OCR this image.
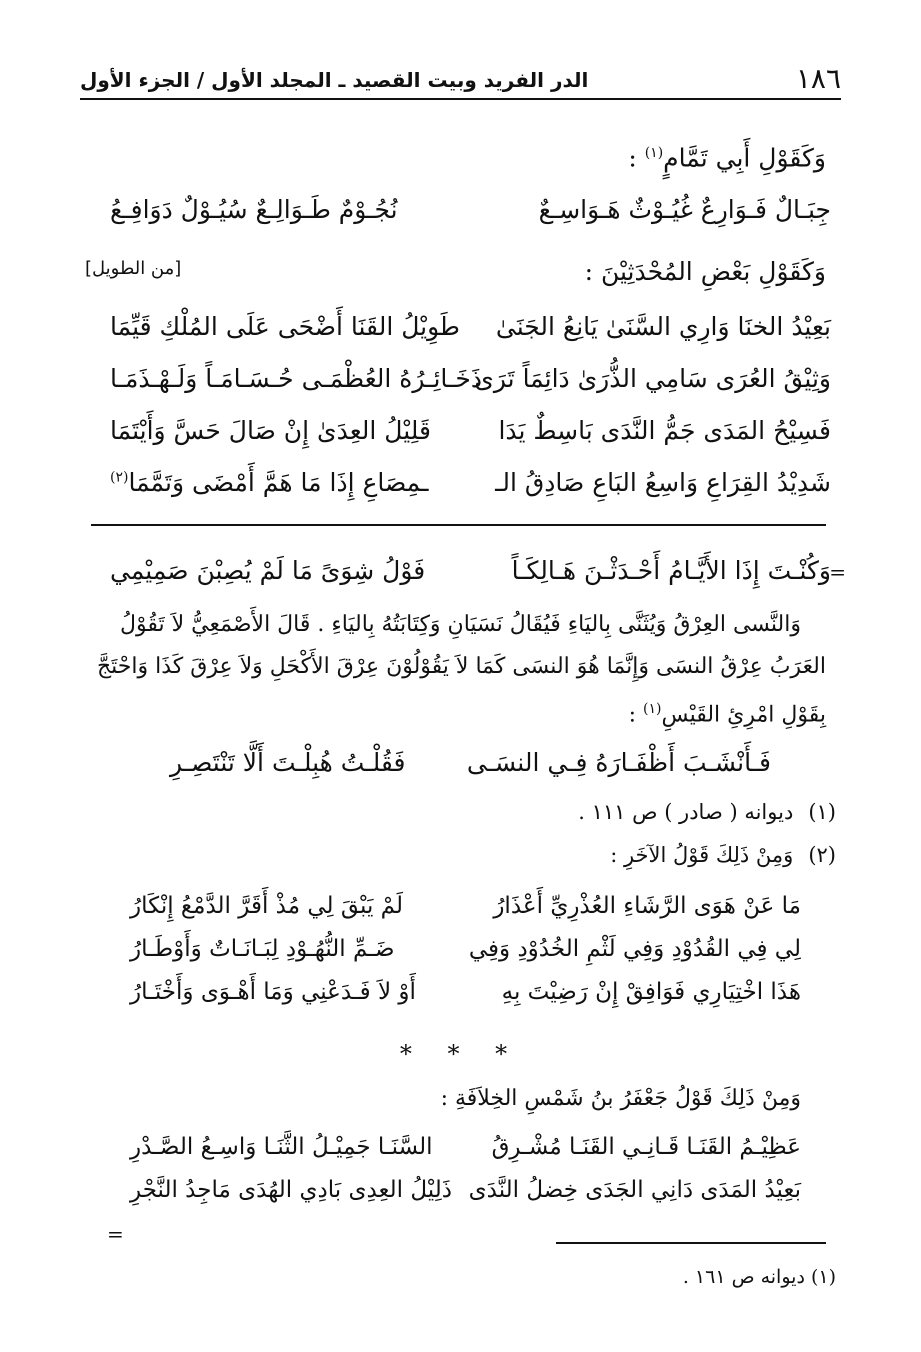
١٨٦
الدر الفريد وبيت القصيد ـ المجلد الأول / الجزء الأول
وَكَقَوْلِ أَبِي تَمَّامٍ$^{(١)}$ :
جِبَـالٌ فَـوَارِعٌ غُيُـوْثٌ هَـوَاسِـعٌ
نُجُـوْمٌ طَـوَالِـعٌ سُيُـوْلٌ دَوَافِـعُ
وَكَقَوْلِ بَعْضِ المُحْدَثِيْنَ :
[من الطويل]
بَعِيْدُ الخنَا وَارِي السَّنَىٰ يَانِعُ الجَنَىٰ
طَوِيْلُ القَنَا أَضْحَى عَلَى المُلْكِ قَيِّمَا
وَثِيْقُ العُرَى سَامِي الذُّرَىٰ دَائِمَاً تَرَى
ذَخَـائِـرُهُ العُظْمَـى حُـسَـامَـاً وَلَـهْـذَمَـا
فَسِيْحُ المَدَى جَمُّ النَّدَى بَاسِطٌ يَدَا
قَلِيْلُ العِدَىٰ إِنْ صَالَ حَسَّ وَأَيْتَمَا
شَدِيْدُ القِرَاعِ وَاسِعُ البَاعِ صَادِقُ الـ
ـمِصَاعِ إِذَا مَا هَمَّ أَمْضَى وَتَمَّمَا$^{(٢)}$
=
وَكُنْـتَ إِذَا الأَيَّـامُ أَحْـدَثْـنَ هَـالِكَـاً
فَوْلُ شِوَىً مَا لَمْ يُصِبْنَ صَمِيْمِي
وَالنَّسى العِرْقُ وَيُثَنَّى بِاليَاءِ فَيُقَالُ نَسَيَانِ وَكِتَابَتُهُ بِاليَاءِ . قَالَ الأَصْمَعِيُّ لاَ تَقُوْلُ
العَرَبُ عِرْقُ النسَى وَإِنَّمَا هُوَ النسَى كَمَا لاَ يَقُوْلُوْنَ عِرْقَ الأَكْحَلِ وَلاَ عِرْقَ كَذَا وَاحْتَجَّ
بِقَوْلِ امْرِئِ القَيْسِ$^{(١)}$ :
فَـأَنْشَـبَ أَظْفَـارَهُ فِـي النسَـى
فَقُلْـتُ هُبِلْـتَ أَلَّا تَنْتَصِـرِ
(١) ديوانه ( صادر ) ص ١١١ .
(٢) وَمِنْ ذَلِكَ قَوْلُ الآخَرِ :
مَا عَنْ هَوَى الرَّشَاءِ العُذْرِيِّ أَعْذَارُ
لَمْ يَبْقَ لِي مُذْ أَقَرَّ الدَّمْعُ إِنْكَارُ
لِي فِي القُدُوْدِ وَفِي لَثْمِ الخُدُوْدِ وَفِي
ضَـمِّ النُّهُـوْدِ لِبَـانَـاتٌ وَأَوْطَـارُ
هَذَا اخْتِيَارِي فَوَافِقْ إِنْ رَضِيْتَ بِهِ
أَوْ لاَ فَـدَعْنِي وَمَا أَهْـوَى وَأَخْتَـارُ
* * *
وَمِنْ ذَلِكَ قَوْلُ جَعْفَرُ بنُ شَمْسِ الخِلاَفَةِ :
عَظِيْـمُ القَنَـا قَـانِـي القَنَـا مُشْـرِقُ
السَّنَـا جَمِيْـلُ الثَّنَـا وَاسِـعُ الصَّـدْرِ
بَعِيْدُ المَدَى دَانِي الجَدَى خِضلُ النَّدَى
ذَلِيْلُ العِدِى بَادِي الهُدَى مَاجِدُ النَّجْرِ
=
(١) ديوانه ص ١٦١ .
